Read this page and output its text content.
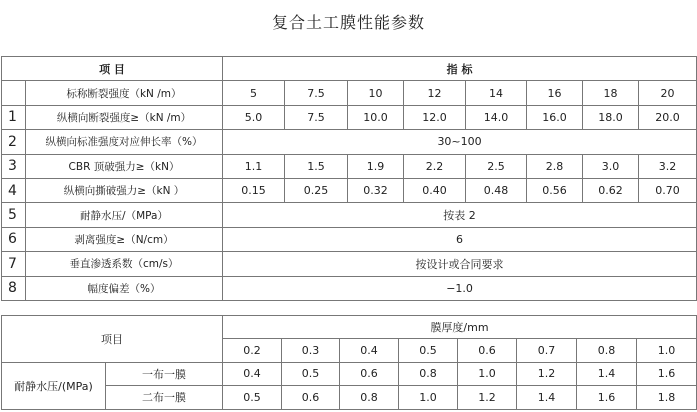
复合土工膜性能参数
项 目		指 标							
	标称断裂强度（kN /m）	5	7.5	10	12	14	16	18	20
1	纵横向断裂强度≥（kN /m）	5.0	7.5	10.0	12.0	14.0	16.0	18.0	20.0
2	纵横向标准强度对应伸长率（%）	30~100							
3	CBR 顶破强力≥（kN）	1.1	1.5	1.9	2.2	2.5	2.8	3.0	3.2
4	纵横向撕破强力≥（kN ）	0.15	0.25	0.32	0.40	0.48	0.56	0.62	0.70
5	耐静水压/（MPa）	按表 2							
6	剥离强度≥（N/cm）	6							
7	垂直渗透系数（cm/s）	按设计或合同要求							
8	幅度偏差（%）	−1.0							
项目		膜厚度/mm							
		0.2	0.3	0.4	0.5	0.6	0.7	0.8	1.0
耐静水压/(MPa)	一布一膜	0.4	0.5	0.6	0.8	1.0	1.2	1.4	1.6
	二布一膜	0.5	0.6	0.8	1.0	1.2	1.4	1.6	1.8
